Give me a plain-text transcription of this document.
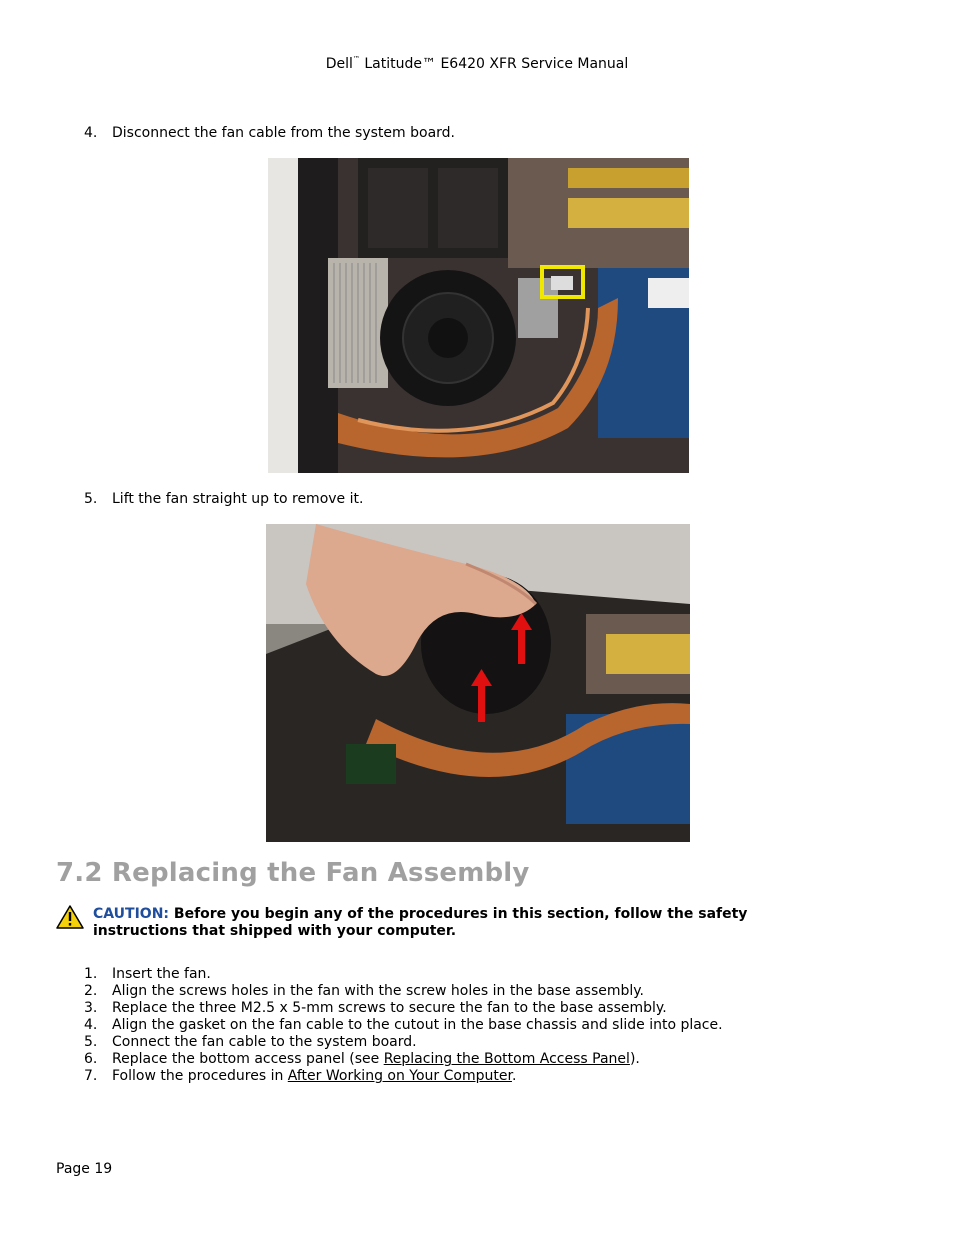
Dell™ Latitude™ E6420 XFR Service Manual
4. Disconnect the fan cable from the system board.
5. Lift the fan straight up to remove it.
7.2 Replacing the Fan Assembly
CAUTION: Before you begin any of the procedures in this section, follow the safety instructions that shipped with your computer.
1. Insert the fan.
2. Align the screws holes in the fan with the screw holes in the base assembly.
3. Replace the three M2.5 x 5-mm screws to secure the fan to the base assembly.
4. Align the gasket on the fan cable to the cutout in the base chassis and slide into place.
5. Connect the fan cable to the system board.
6. Replace the bottom access panel (see Replacing the Bottom Access Panel).
7. Follow the procedures in After Working on Your Computer.
Page 19
